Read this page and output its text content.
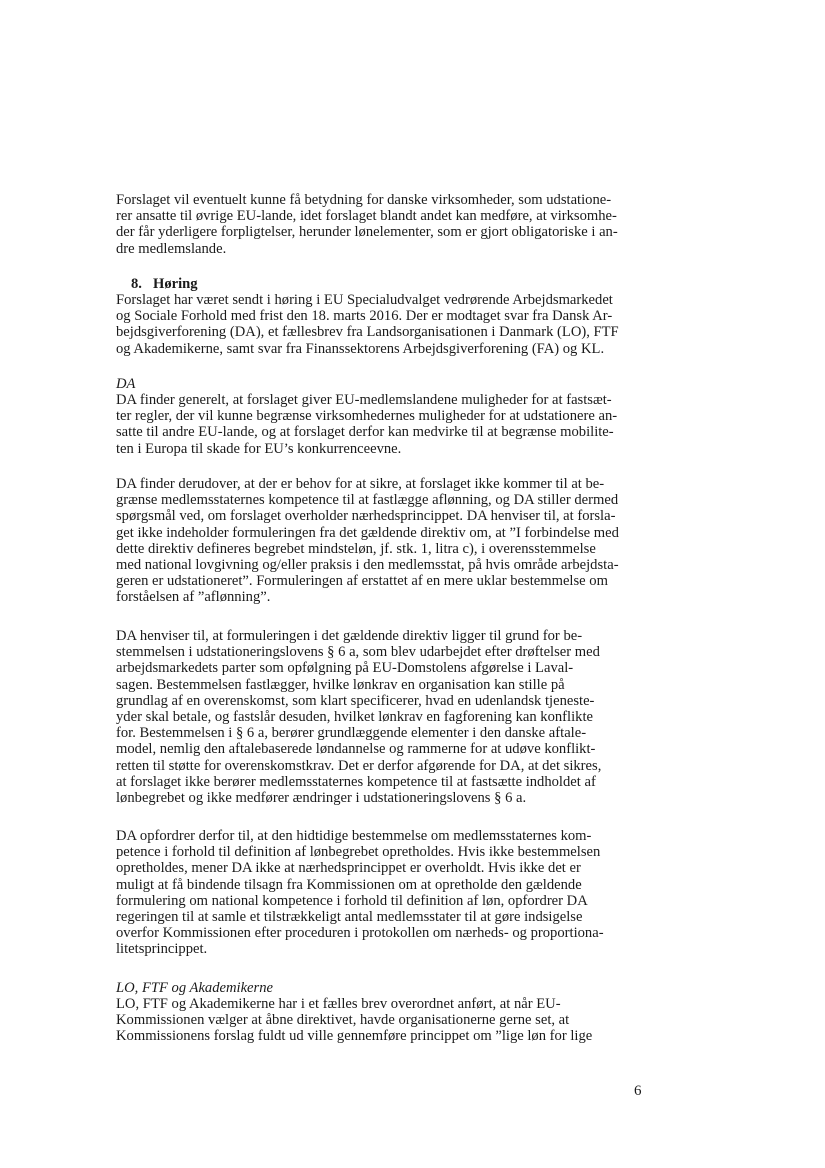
Forslaget vil eventuelt kunne få betydning for danske virksomheder, som udstatione-
rer ansatte til øvrige EU-lande, idet forslaget blandt andet kan medføre, at virksomhe-
der får yderligere forpligtelser, herunder lønelementer, som er gjort obligatoriske i an-
dre medlemslande.
8. Høring
Forslaget har været sendt i høring i EU Specialudvalget vedrørende Arbejdsmarkedet
og Sociale Forhold med frist den 18. marts 2016. Der er modtaget svar fra Dansk Ar-
bejdsgiverforening (DA), et fællesbrev fra Landsorganisationen i Danmark (LO), FTF
og Akademikerne, samt svar fra Finanssektorens Arbejdsgiverforening (FA) og KL.
DA
DA finder generelt, at forslaget giver EU-medlemslandene muligheder for at fastsæt-
ter regler, der vil kunne begrænse virksomhedernes muligheder for at udstationere an-
satte til andre EU-lande, og at forslaget derfor kan medvirke til at begrænse mobilite-
ten i Europa til skade for EU’s konkurrenceevne.
DA finder derudover, at der er behov for at sikre, at forslaget ikke kommer til at be-
grænse medlemsstaternes kompetence til at fastlægge aflønning, og DA stiller dermed
spørgsmål ved, om forslaget overholder nærhedsprincippet. DA henviser til, at forsla-
get ikke indeholder formuleringen fra det gældende direktiv om, at ”I forbindelse med
dette direktiv defineres begrebet mindsteløn, jf. stk. 1, litra c), i overensstemmelse
med national lovgivning og/eller praksis i den medlemsstat, på hvis område arbejdsta-
geren er udstationeret”. Formuleringen af erstattet af en mere uklar bestemmelse om
forståelsen af ”aflønning”.
DA henviser til, at formuleringen i det gældende direktiv ligger til grund for be-
stemmelsen i udstationeringslovens § 6 a, som blev udarbejdet efter drøftelser med
arbejdsmarkedets parter som opfølgning på EU-Domstolens afgørelse i Laval-
sagen. Bestemmelsen fastlægger, hvilke lønkrav en organisation kan stille på
grundlag af en overenskomst, som klart specificerer, hvad en udenlandsk tjeneste-
yder skal betale, og fastslår desuden, hvilket lønkrav en fagforening kan konflikte
for. Bestemmelsen i § 6 a, berører grundlæggende elementer i den danske aftale-
model, nemlig den aftalebaserede løndannelse og rammerne for at udøve konflikt-
retten til støtte for overenskomstkrav. Det er derfor afgørende for DA, at det sikres,
at forslaget ikke berører medlemsstaternes kompetence til at fastsætte indholdet af
lønbegrebet og ikke medfører ændringer i udstationeringslovens § 6 a.
DA opfordrer derfor til, at den hidtidige bestemmelse om medlemsstaternes kom-
petence i forhold til definition af lønbegrebet opretholdes. Hvis ikke bestemmelsen
opretholdes, mener DA ikke at nærhedsprincippet er overholdt. Hvis ikke det er
muligt at få bindende tilsagn fra Kommissionen om at opretholde den gældende
formulering om national kompetence i forhold til definition af løn, opfordrer DA
regeringen til at samle et tilstrækkeligt antal medlemsstater til at gøre indsigelse
overfor Kommissionen efter proceduren i protokollen om nærheds- og proportiona-
litetsprincippet.
LO, FTF og Akademikerne
LO, FTF og Akademikerne har i et fælles brev overordnet anført, at når EU-
Kommissionen vælger at åbne direktivet, havde organisationerne gerne set, at
Kommissionens forslag fuldt ud ville gennemføre princippet om ”lige løn for lige
6
